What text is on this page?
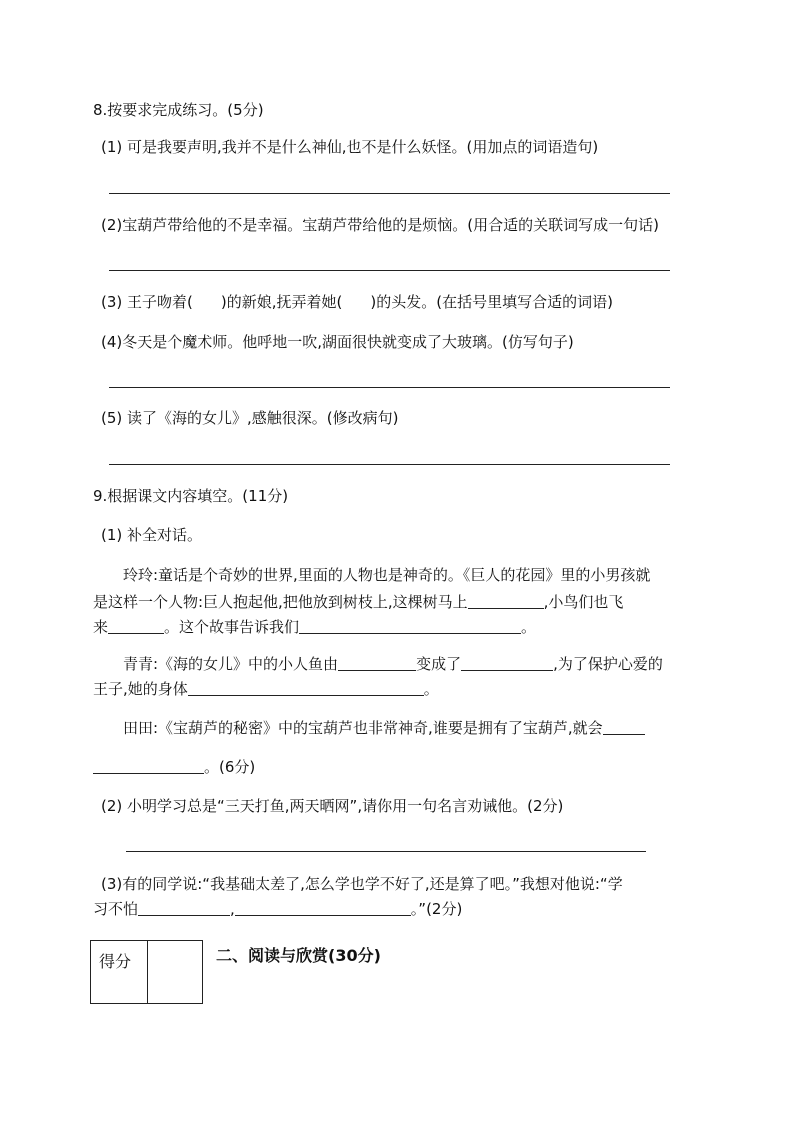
8.按要求完成练习。(5分)
(1) 可是我要声明,我并不是什么神仙,也不是什么妖怪。(用加点的词语造句)
(2)宝葫芦带给他的不是幸福。宝葫芦带给他的是烦恼。(用合适的关联词写成一句话)
(3) 王子吻着( )的新娘,抚弄着她( )的头发。(在括号里填写合适的词语)
(4)冬天是个魔术师。他呼地一吹,湖面很快就变成了大玻璃。(仿写句子)
(5) 读了《海的女儿》,感触很深。(修改病句)
9.根据课文内容填空。(11分)
(1) 补全对话。
玲玲:童话是个奇妙的世界,里面的人物也是神奇的。《巨人的花园》里的小男孩就
是这样一个人物:巨人抱起他,把他放到树枝上,这棵树马上	,小鸟们也飞
来	。这个故事告诉我们	。
青青:《海的女儿》中的小人鱼由	变成了	,为了保护心爱的
王子,她的身体	。
田田:《宝葫芦的秘密》中的宝葫芦也非常神奇,谁要是拥有了宝葫芦,就会
。(6分)
(2) 小明学习总是“三天打鱼,两天晒网”,请你用一句名言劝诫他。(2分)
(3)有的同学说:“我基础太差了,怎么学也学不好了,还是算了吧。”我想对他说:“学
习不怕	,	。”(2分)
得分		二、阅读与欣赏(30分)
